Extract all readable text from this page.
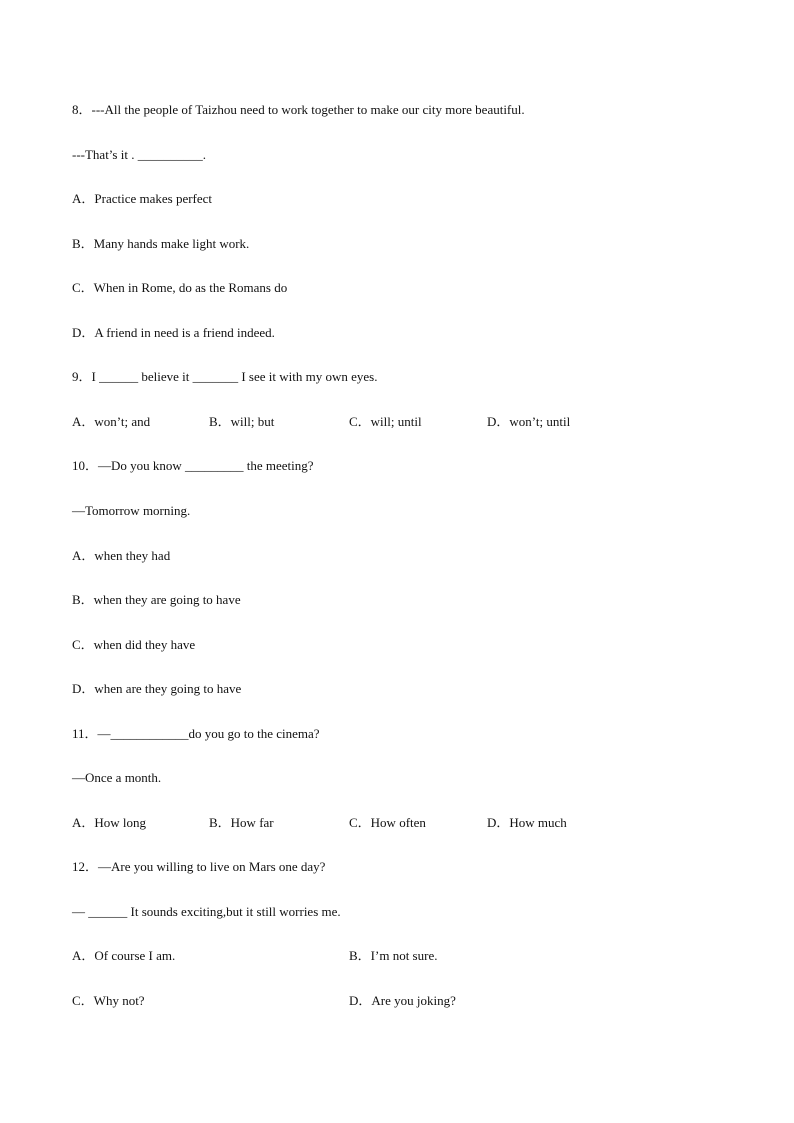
8．---All the people of Taizhou need to work together to make our city more beautiful.
---That’s it . __________.
A．Practice makes perfect
B．Many hands make light work.
C．When in Rome, do as the Romans do
D．A friend in need is a friend indeed.
9．I ______ believe it _______ I see it with my own eyes.
A．won’t; and	B．will; but	C．will; until	D．won’t; until
10．—Do you know _________ the meeting?
—Tomorrow morning.
A．when they had
B．when they are going to have
C．when did they have
D．when are they going to have
11．—____________do you go to the cinema?
—Once a month.
A．How long	B．How far	C．How often	D．How much
12．—Are you willing to live on Mars one day?
— ______ It sounds exciting,but it still worries me.
A．Of course I am.	B．I’m not sure.
C．Why not?	D．Are you joking?
